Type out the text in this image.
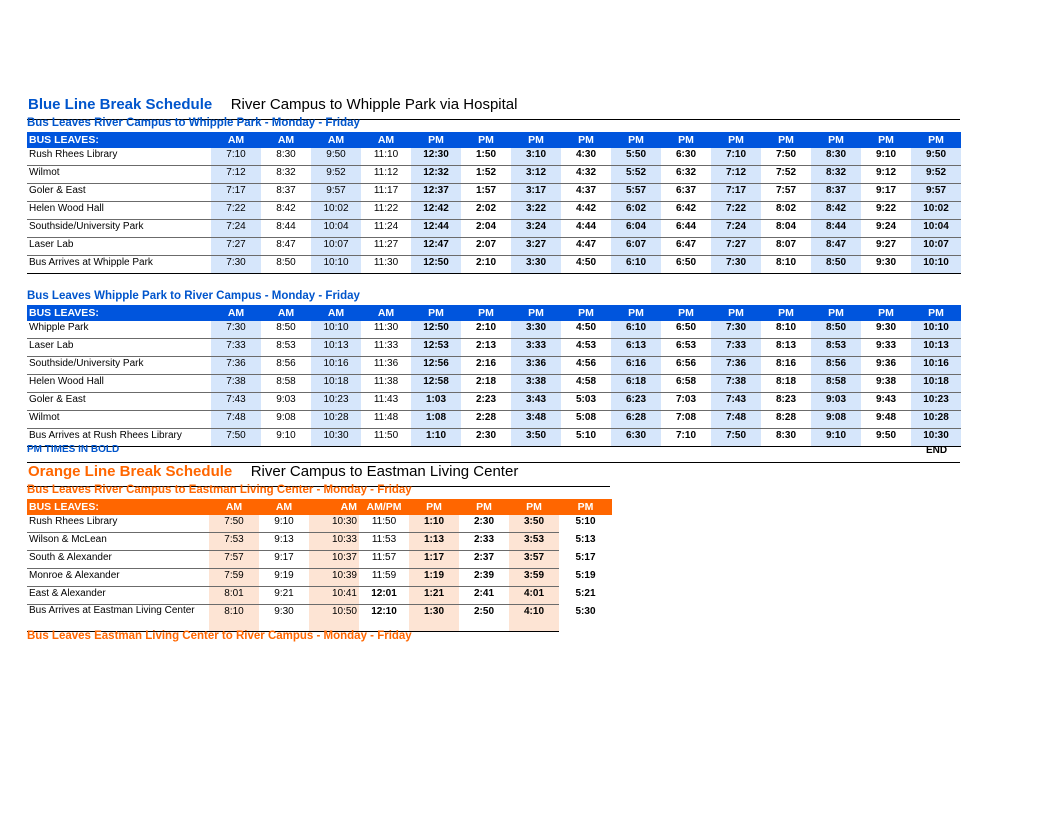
Blue Line Break Schedule River Campus to Whipple Park via Hospital
Bus Leaves River Campus to Whipple Park - Monday - Friday
BUS LEAVES:	AM	AM	AM	AM	PM	PM	PM	PM	PM	PM	PM	PM	PM	PM	PM
Rush Rhees Library	7:10	8:30	9:50	11:10	12:30	1:50	3:10	4:30	5:50	6:30	7:10	7:50	8:30	9:10	9:50
Wilmot	7:12	8:32	9:52	11:12	12:32	1:52	3:12	4:32	5:52	6:32	7:12	7:52	8:32	9:12	9:52
Goler & East	7:17	8:37	9:57	11:17	12:37	1:57	3:17	4:37	5:57	6:37	7:17	7:57	8:37	9:17	9:57
Helen Wood Hall	7:22	8:42	10:02	11:22	12:42	2:02	3:22	4:42	6:02	6:42	7:22	8:02	8:42	9:22	10:02
Southside/University Park	7:24	8:44	10:04	11:24	12:44	2:04	3:24	4:44	6:04	6:44	7:24	8:04	8:44	9:24	10:04
Laser Lab	7:27	8:47	10:07	11:27	12:47	2:07	3:27	4:47	6:07	6:47	7:27	8:07	8:47	9:27	10:07
Bus Arrives at Whipple Park	7:30	8:50	10:10	11:30	12:50	2:10	3:30	4:50	6:10	6:50	7:30	8:10	8:50	9:30	10:10
Bus Leaves Whipple Park to River Campus - Monday - Friday
BUS LEAVES:	AM	AM	AM	AM	PM	PM	PM	PM	PM	PM	PM	PM	PM	PM	PM
Whipple Park	7:30	8:50	10:10	11:30	12:50	2:10	3:30	4:50	6:10	6:50	7:30	8:10	8:50	9:30	10:10
Laser Lab	7:33	8:53	10:13	11:33	12:53	2:13	3:33	4:53	6:13	6:53	7:33	8:13	8:53	9:33	10:13
Southside/University Park	7:36	8:56	10:16	11:36	12:56	2:16	3:36	4:56	6:16	6:56	7:36	8:16	8:56	9:36	10:16
Helen Wood Hall	7:38	8:58	10:18	11:38	12:58	2:18	3:38	4:58	6:18	6:58	7:38	8:18	8:58	9:38	10:18
Goler & East	7:43	9:03	10:23	11:43	1:03	2:23	3:43	5:03	6:23	7:03	7:43	8:23	9:03	9:43	10:23
Wilmot	7:48	9:08	10:28	11:48	1:08	2:28	3:48	5:08	6:28	7:08	7:48	8:28	9:08	9:48	10:28
Bus Arrives at Rush Rhees Library	7:50	9:10	10:30	11:50	1:10	2:30	3:50	5:10	6:30	7:10	7:50	8:30	9:10	9:50	10:30
PM TIMES IN BOLD	END
Orange Line Break Schedule River Campus to Eastman Living Center
Bus Leaves River Campus to Eastman Living Center - Monday - Friday
BUS LEAVES:	AM	AM	AM	AM/PM	PM	PM	PM	PM
Rush Rhees Library	7:50	9:10	10:30	11:50	1:10	2:30	3:50	5:10
Wilson & McLean	7:53	9:13	10:33	11:53	1:13	2:33	3:53	5:13
South & Alexander	7:57	9:17	10:37	11:57	1:17	2:37	3:57	5:17
Monroe & Alexander	7:59	9:19	10:39	11:59	1:19	2:39	3:59	5:19
East & Alexander	8:01	9:21	10:41	12:01	1:21	2:41	4:01	5:21
Bus Arrives at Eastman Living Center	8:10	9:30	10:50	12:10	1:30	2:50	4:10	5:30
Bus Leaves Eastman Living Center to River Campus - Monday - Friday
